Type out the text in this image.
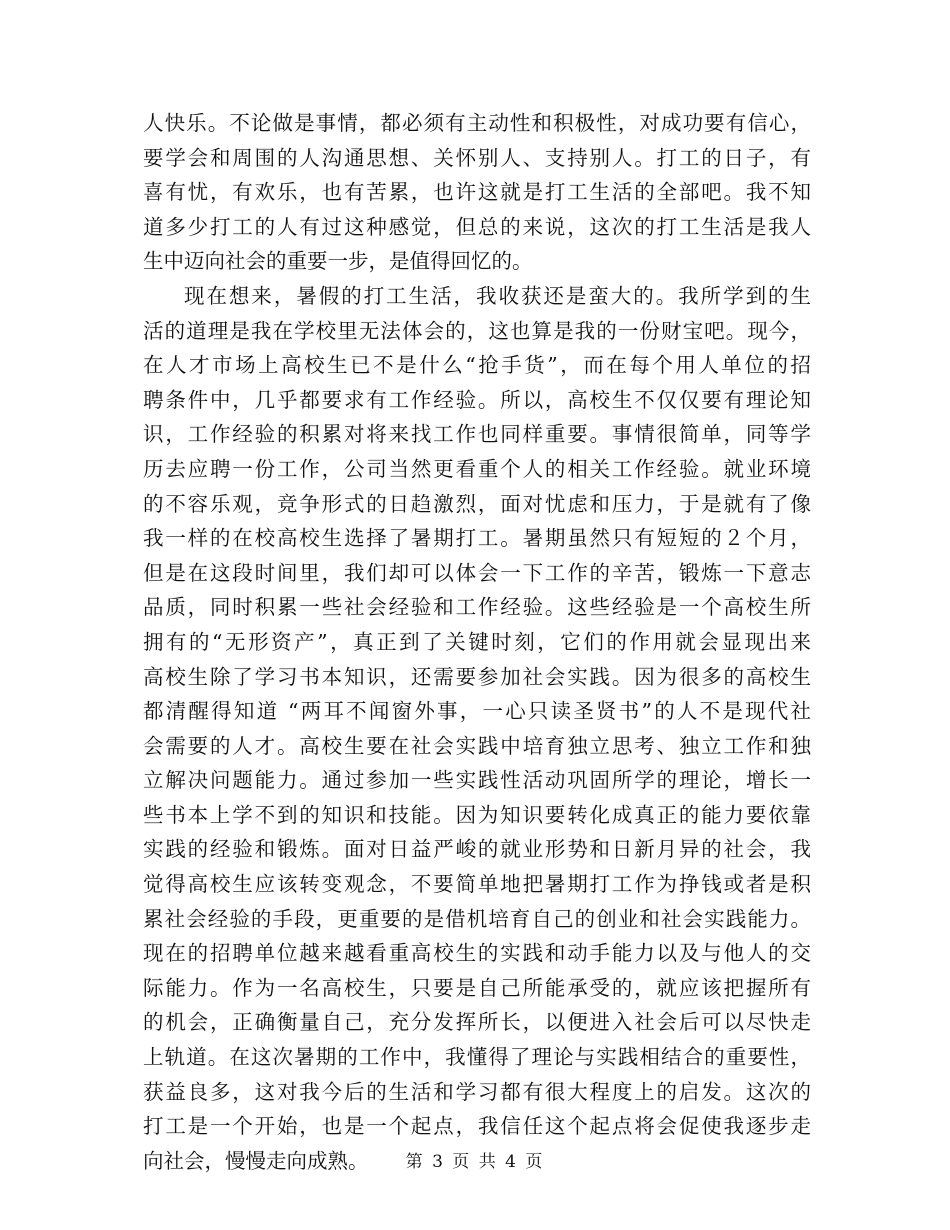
人快乐。不论做是事情，都必须有主动性和积极性，对成功要有信心，
要学会和周围的人沟通思想、关怀别人、支持别人。打工的日子，有
喜有忧，有欢乐，也有苦累，也许这就是打工生活的全部吧。我不知
道多少打工的人有过这种感觉，但总的来说，这次的打工生活是我人
生中迈向社会的重要一步，是值得回忆的。
现在想来，暑假的打工生活，我收获还是蛮大的。我所学到的生
活的道理是我在学校里无法体会的，这也算是我的一份财宝吧。现今，
在人才市场上高校生已不是什么“抢手货”，而在每个用人单位的招
聘条件中，几乎都要求有工作经验。所以，高校生不仅仅要有理论知
识，工作经验的积累对将来找工作也同样重要。事情很简单，同等学
历去应聘一份工作，公司当然更看重个人的相关工作经验。就业环境
的不容乐观，竞争形式的日趋激烈，面对忧虑和压力，于是就有了像
我一样的在校高校生选择了暑期打工。暑期虽然只有短短的２个月，
但是在这段时间里，我们却可以体会一下工作的辛苦，锻炼一下意志
品质，同时积累一些社会经验和工作经验。这些经验是一个高校生所
拥有的“无形资产”，真正到了关键时刻，它们的作用就会显现出来
高校生除了学习书本知识，还需要参加社会实践。因为很多的高校生
都清醒得知道 “两耳不闻窗外事，一心只读圣贤书”的人不是现代社
会需要的人才。高校生要在社会实践中培育独立思考、独立工作和独
立解决问题能力。通过参加一些实践性活动巩固所学的理论，增长一
些书本上学不到的知识和技能。因为知识要转化成真正的能力要依靠
实践的经验和锻炼。面对日益严峻的就业形势和日新月异的社会，我
觉得高校生应该转变观念，不要简单地把暑期打工作为挣钱或者是积
累社会经验的手段，更重要的是借机培育自己的创业和社会实践能力。
现在的招聘单位越来越看重高校生的实践和动手能力以及与他人的交
际能力。作为一名高校生，只要是自己所能承受的，就应该把握所有
的机会，正确衡量自己，充分发挥所长，以便进入社会后可以尽快走
上轨道。在这次暑期的工作中，我懂得了理论与实践相结合的重要性，
获益良多，这对我今后的生活和学习都有很大程度上的启发。这次的
打工是一个开始，也是一个起点，我信任这个起点将会促使我逐步走
向社会，慢慢走向成熟。	第 3 页 共 4 页
